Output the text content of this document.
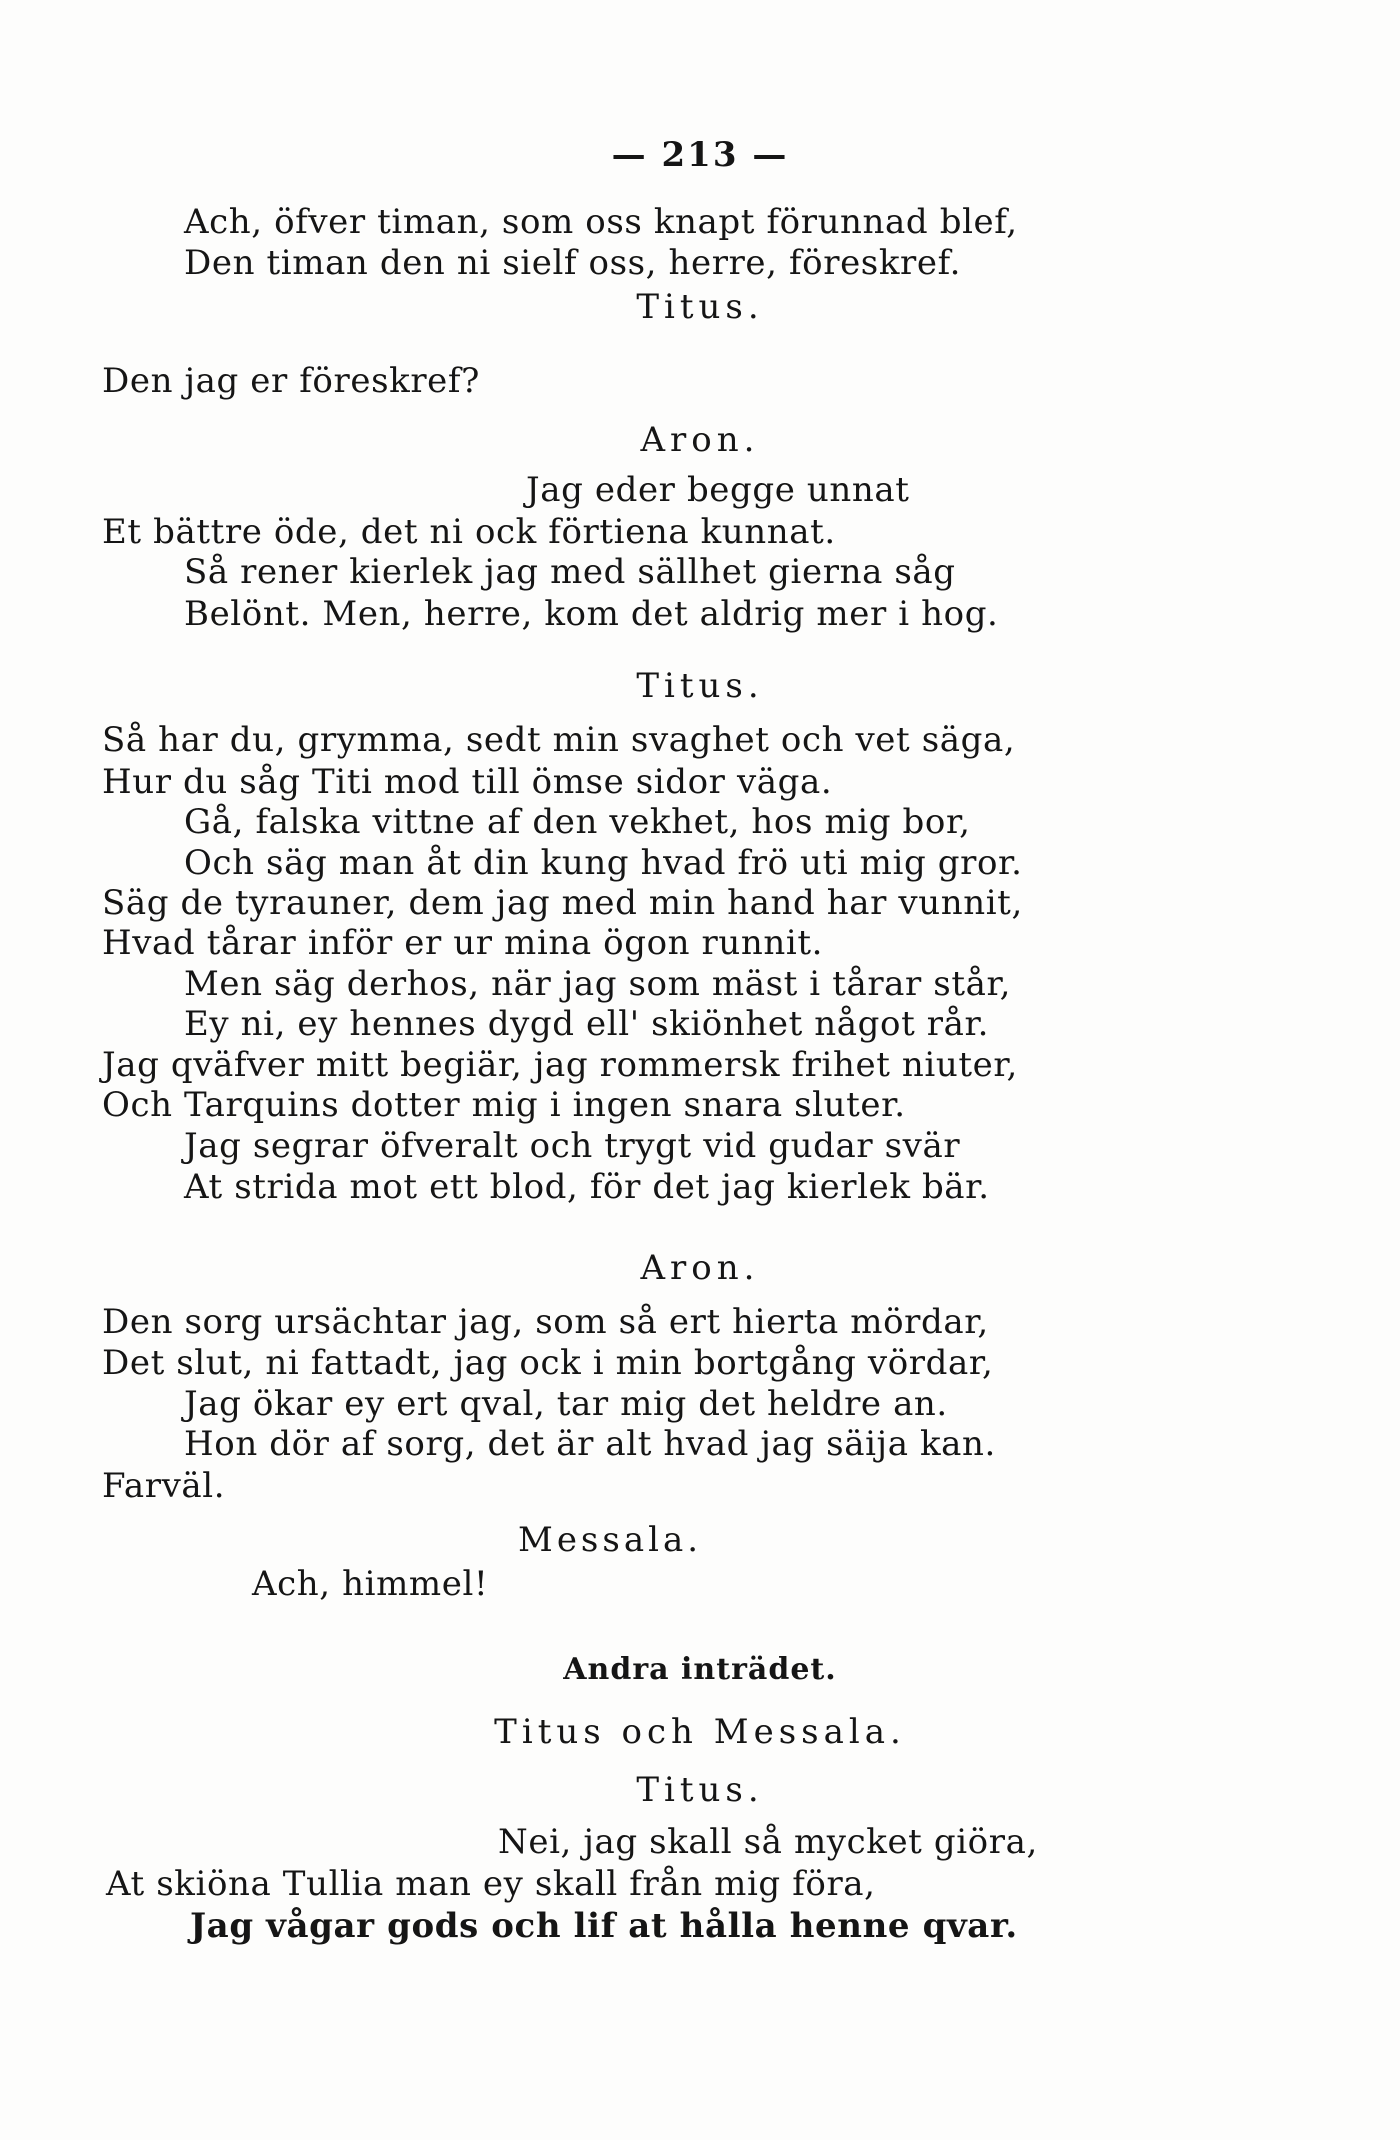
— 213 —
Ach, öfver timan, som oss knapt förunnad blef,
Den timan den ni sielf oss, herre, föreskref.
Titus.
Den jag er föreskref?
Aron.
Jag eder begge unnat
Et bättre öde, det ni ock förtiena kunnat.
Så rener kierlek jag med sällhet gierna såg
Belönt. Men, herre, kom det aldrig mer i hog.
Titus.
Så har du, grymma, sedt min svaghet och vet säga,
Hur du såg Titi mod till ömse sidor väga.
Gå, falska vittne af den vekhet, hos mig bor,
Och säg man åt din kung hvad frö uti mig gror.
Säg de tyrauner, dem jag med min hand har vunnit,
Hvad tårar inför er ur mina ögon runnit.
Men säg derhos, när jag som mäst i tårar står,
Ey ni, ey hennes dygd ell' skiönhet något rår.
Jag qväfver mitt begiär, jag rommersk frihet niuter,
Och Tarquins dotter mig i ingen snara sluter.
Jag segrar öfveralt och trygt vid gudar svär
At strida mot ett blod, för det jag kierlek bär.
Aron.
Den sorg ursächtar jag, som så ert hierta mördar,
Det slut, ni fattadt, jag ock i min bortgång vördar,
Jag ökar ey ert qval, tar mig det heldre an.
Hon dör af sorg, det är alt hvad jag säija kan.
Farväl.
Messala.
Ach, himmel!
Andra inträdet.
Titus och Messala.
Titus.
Nei, jag skall så mycket giöra,
At skiöna Tullia man ey skall från mig föra,
Jag vågar gods och lif at hålla henne qvar.
